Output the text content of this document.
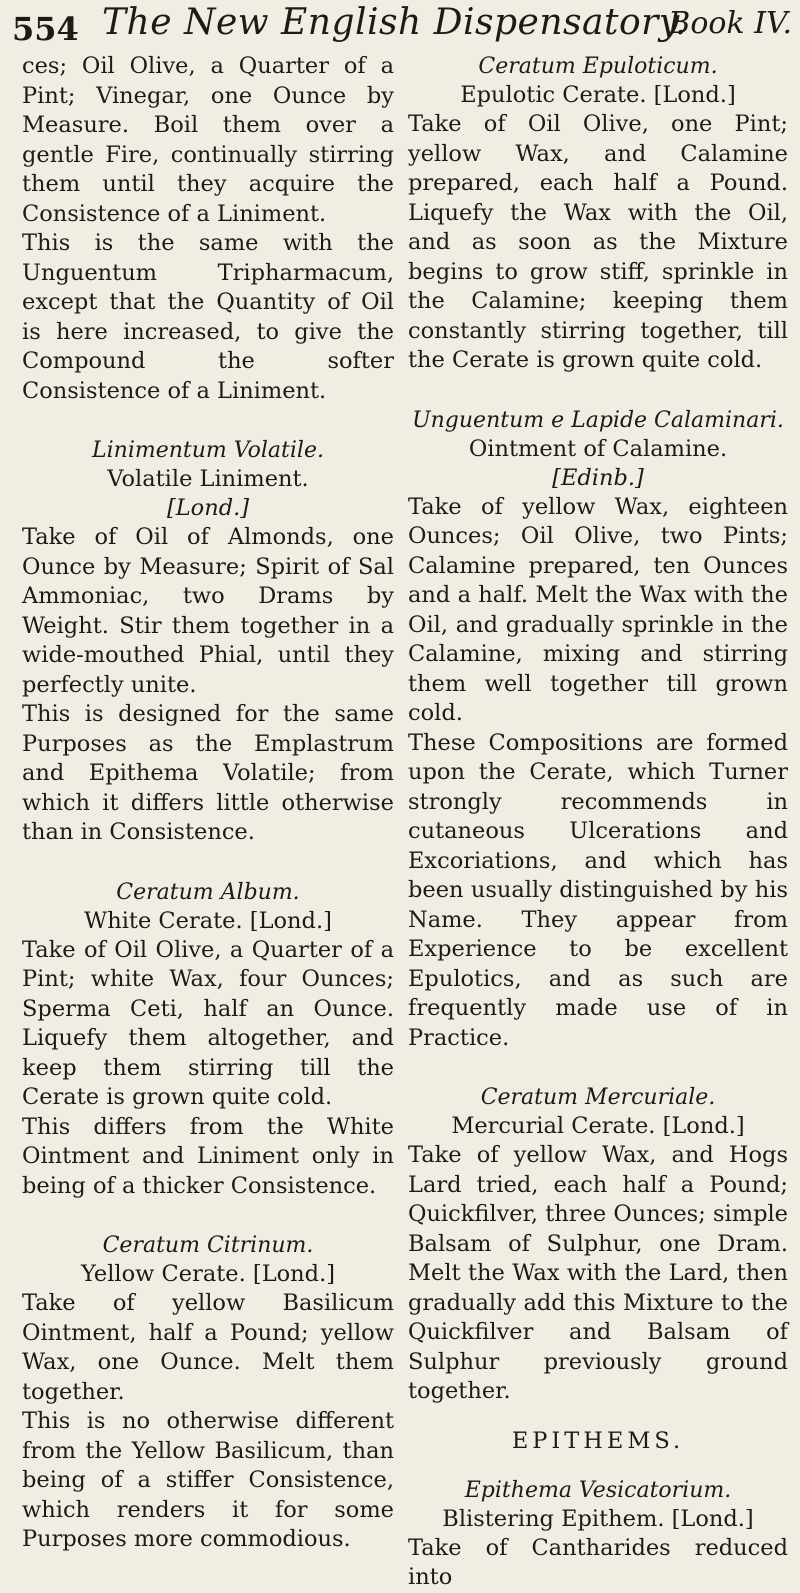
554 The New English Dispensatory.
Book IV.

ces; Oil Olive, a Quarter of a Pint; Vinegar, one Ounce by Measure. Boil them over a gentle Fire, continually stirring them until they acquire the Consistence of a Liniment.

This is the same with the Unguentum Tripharmacum, except that the Quantity of Oil is here increased, to give the Compound the softer Consistence of a Liniment.

Linimentum Volatile.

Volatile Liniment.

[Lond.]

Take of Oil of Almonds, one Ounce by Measure; Spirit of Sal Ammoniac, two Drams by Weight. Stir them together in a wide-mouthed Phial, until they perfectly unite.

This is designed for the same Purposes as the Emplastrum and Epithema Volatile; from which it differs little otherwise than in Consistence.

Ceratum Album.

White Cerate. [Lond.]

Take of Oil Olive, a Quarter of a Pint; white Wax, four Ounces; Sperma Ceti, half an Ounce. Liquefy them altogether, and keep them stirring till the Cerate is grown quite cold.

This differs from the White Ointment and Liniment only in being of a thicker Consistence.

Ceratum Citrinum.

Yellow Cerate. [Lond.]

Take of yellow Basilicum Ointment, half a Pound; yellow Wax, one Ounce. Melt them together.

This is no otherwise different from the Yellow Basilicum, than being of a stiffer Consistence, which renders it for some Purposes more commodious.

Ceratum Epuloticum.

Epulotic Cerate. [Lond.]

Take of Oil Olive, one Pint; yellow Wax, and Calamine prepared, each half a Pound. Liquefy the Wax with the Oil, and as soon as the Mixture begins to grow stiff, sprinkle in the Calamine; keeping them constantly stirring together, till the Cerate is grown quite cold.

Unguentum e Lapide Calaminari.

Ointment of Calamine.

[Edinb.]

Take of yellow Wax, eighteen Ounces; Oil Olive, two Pints; Calamine prepared, ten Ounces and a half. Melt the Wax with the Oil, and gradually sprinkle in the Calamine, mixing and stirring them well together till grown cold.

These Compositions are formed upon the Cerate, which Turner strongly recommends in cutaneous Ulcerations and Excoriations, and which has been usually distinguished by his Name. They appear from Experience to be excellent Epulotics, and as such are frequently made use of in Practice.

Ceratum Mercuriale.

Mercurial Cerate. [Lond.]

Take of yellow Wax, and Hogs Lard tried, each half a Pound; Quickfilver, three Ounces; simple Balsam of Sulphur, one Dram. Melt the Wax with the Lard, then gradually add this Mixture to the Quickfilver and Balsam of Sulphur previously ground together.

EPITHEMS.

Epithema Vesicatorium.

Blistering Epithem. [Lond.]

Take of Cantharides reduced into
